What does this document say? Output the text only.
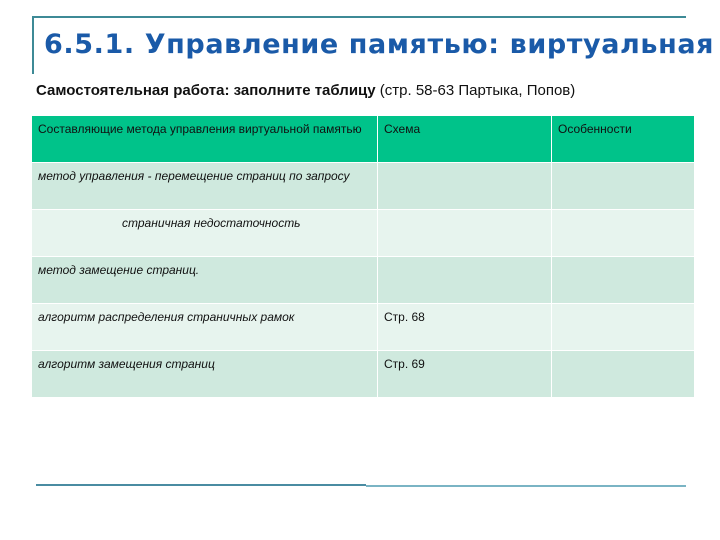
6.5.1. Управление памятью: виртуальная
Самостоятельная работа: заполните таблицу (стр. 58-63 Партыка, Попов)
Составляющие метода управления виртуальной памятью	Схема	Особенности
метод управления - перемещение страниц по запросу		
страничная недостаточность		
метод замещение страниц.		
алгоритм распределения страничных рамок	Стр. 68	
алгоритм замещения страниц	Стр. 69	
